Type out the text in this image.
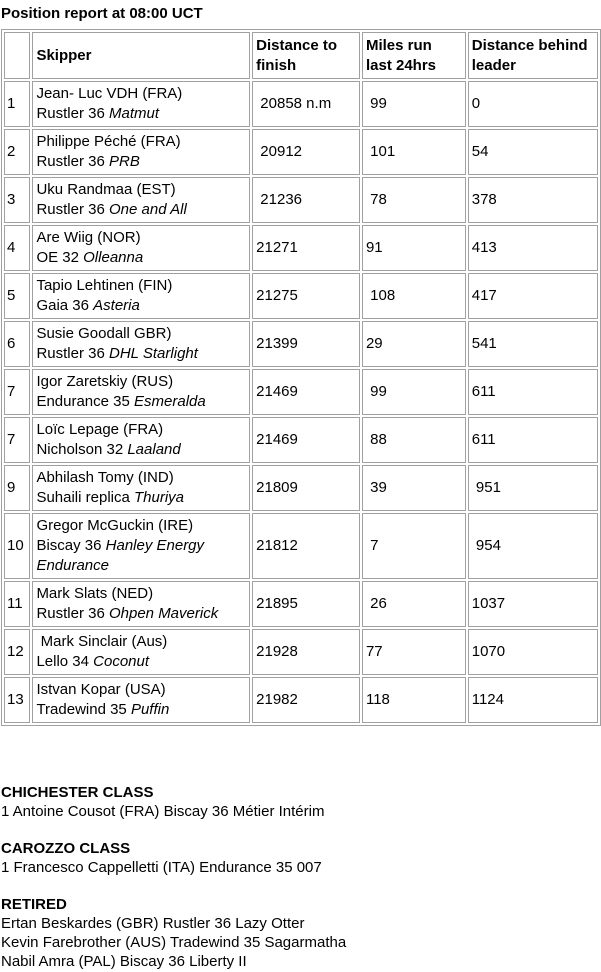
Position report at 08:00 UCT

	Skipper	Distance to finish	Miles run last 24hrs	Distance behind leader
1	Jean- Luc VDH (FRA)
Rustler 36 Matmut	20858 n.m	99	0
2	Philippe Péché (FRA)
Rustler 36 PRB	20912	101	54
3	Uku Randmaa (EST)
Rustler 36 One and All	21236	78	378
4	Are Wiig (NOR)
OE 32 Olleanna	21271	91	413
5	Tapio Lehtinen (FIN)
Gaia 36 Asteria	21275	108	417
6	Susie Goodall GBR)
Rustler 36 DHL Starlight	21399	29	541
7	Igor Zaretskiy (RUS)
Endurance 35 Esmeralda	21469	99	611
7	Loïc Lepage (FRA)
Nicholson 32 Laaland	21469	88	611
9	Abhilash Tomy (IND)
Suhaili replica Thuriya	21809	39	951
10	Gregor McGuckin (IRE)
Biscay 36 Hanley Energy Endurance	21812	7	954
11	Mark Slats (NED)
Rustler 36 Ohpen Maverick	21895	26	1037
12	Mark Sinclair (Aus)
Lello 34 Coconut	21928	77	1070
13	Istvan Kopar (USA)
Tradewind 35 Puffin	21982	118	1124
CHICHESTER CLASS
1 Antoine Cousot (FRA) Biscay 36 Métier Intérim
CAROZZO CLASS
1 Francesco Cappelletti (ITA) Endurance 35 007
RETIRED
Ertan Beskardes (GBR) Rustler 36 Lazy Otter
Kevin Farebrother (AUS) Tradewind 35 Sagarmatha
Nabil Amra (PAL) Biscay 36 Liberty II
